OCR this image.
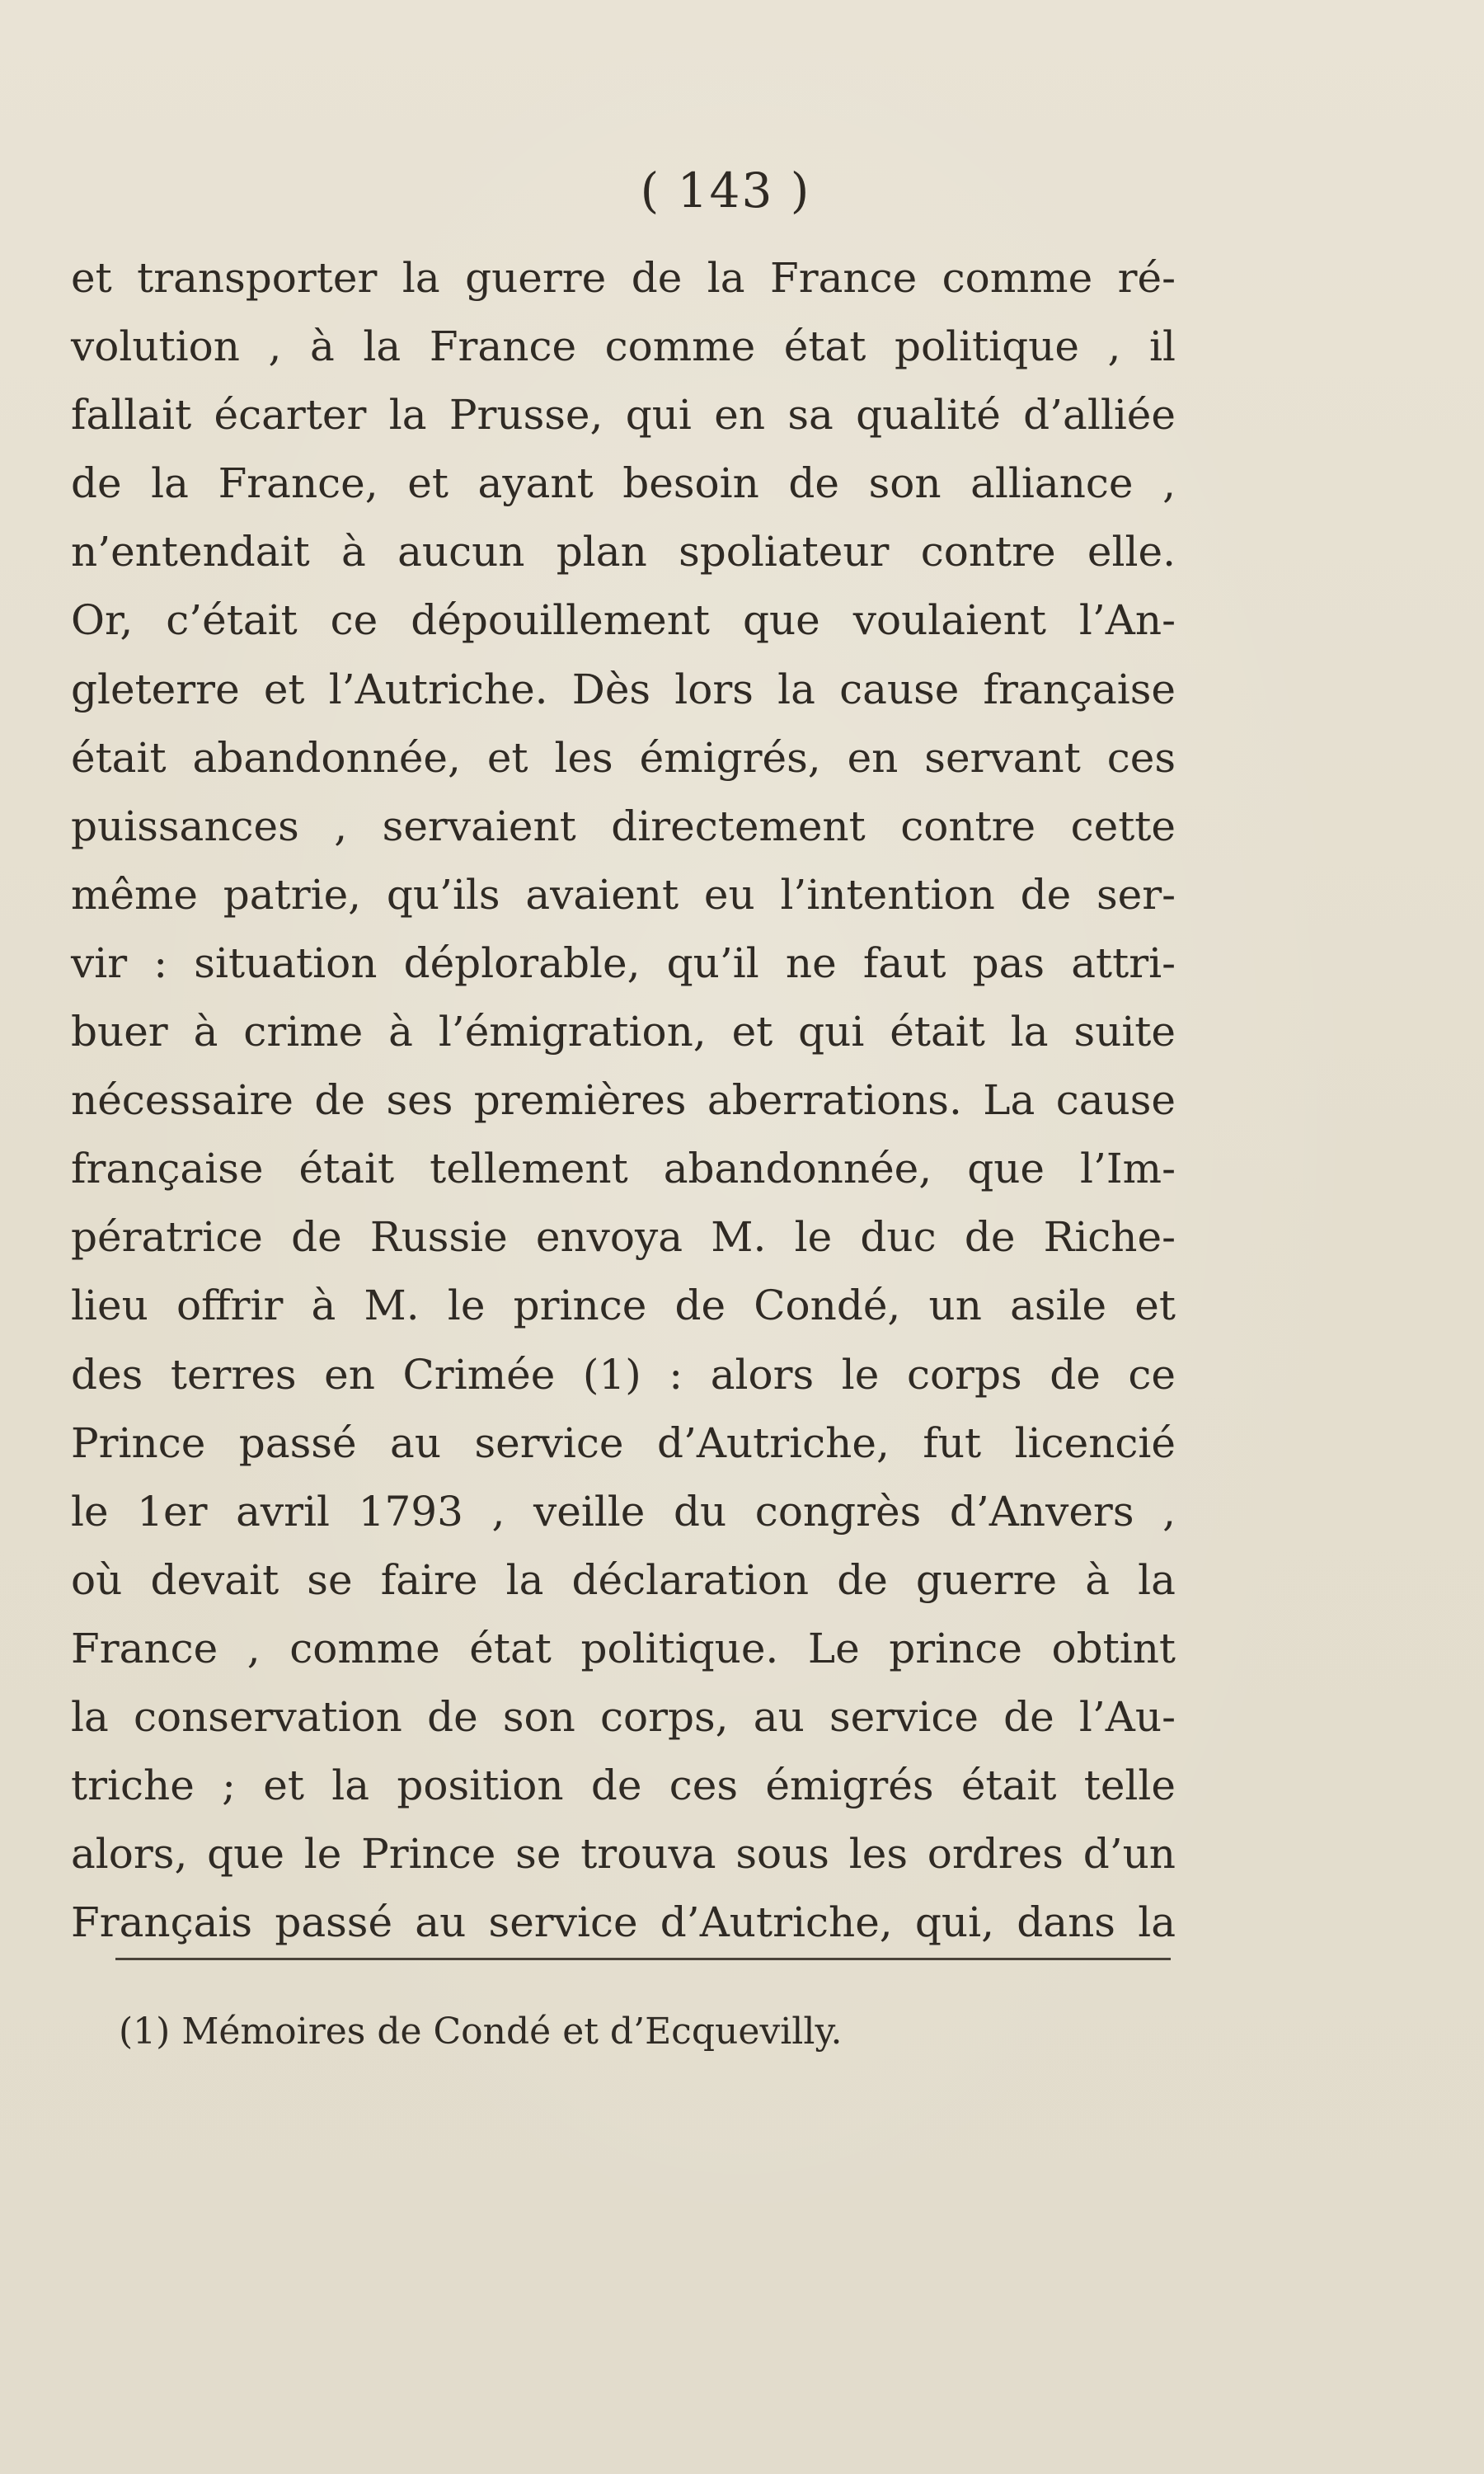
( 143 )
et transporter la guerre de la France comme ré-
volution , à la France comme état politique , il
fallait écarter la Prusse, qui en sa qualité d’alliée
de la France, et ayant besoin de son alliance ,
n’entendait à aucun plan spoliateur contre elle.
Or, c’était ce dépouillement que voulaient l’An-
gleterre et l’Autriche. Dès lors la cause française
était abandonnée, et les émigrés, en servant ces
puissances , servaient directement contre cette
même patrie, qu’ils avaient eu l’intention de ser-
vir : situation déplorable, qu’il ne faut pas attri-
buer à crime à l’émigration, et qui était la suite
nécessaire de ses premières aberrations. La cause
française était tellement abandonnée, que l’Im-
pératrice de Russie envoya M. le duc de Riche-
lieu offrir à M. le prince de Condé, un asile et
des terres en Crimée (1) : alors le corps de ce
Prince passé au service d’Autriche, fut licencié
le 1er avril 1793 , veille du congrès d’Anvers ,
où devait se faire la déclaration de guerre à la
France , comme état politique. Le prince obtint
la conservation de son corps, au service de l’Au-
triche ; et la position de ces émigrés était telle
alors, que le Prince se trouva sous les ordres d’un
Français passé au service d’Autriche, qui, dans la
(1) Mémoires de Condé et d’Ecquevilly.
